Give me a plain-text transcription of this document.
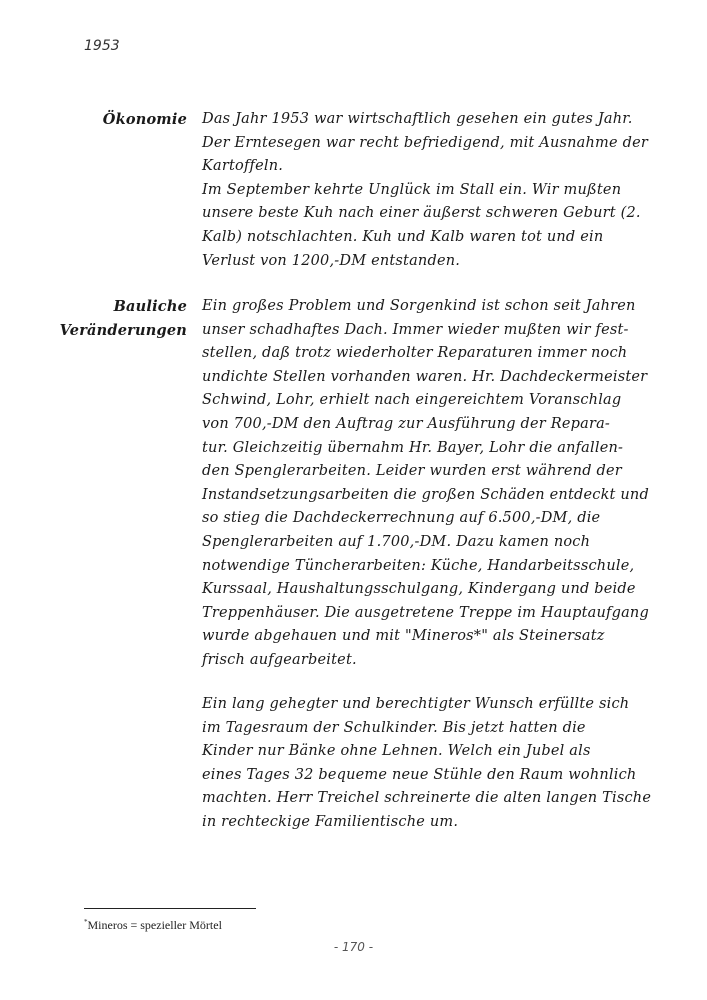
1953
Ökonomie Das Jahr 1953 war wirtschaftlich gesehen ein gutes Jahr.
Der Erntesegen war recht befriedigend, mit Ausnahme der
Kartoffeln.
Im September kehrte Unglück im Stall ein. Wir mußten
unsere beste Kuh nach einer äußerst schweren Geburt (2.
Kalb) notschlachten. Kuh und Kalb waren tot und ein
Verlust von 1200,-DM entstanden.
Bauliche
Veränderungen
Ein großes Problem und Sorgenkind ist schon seit Jahren
unser schadhaftes Dach. Immer wieder mußten wir fest-
stellen, daß trotz wiederholter Reparaturen immer noch
undichte Stellen vorhanden waren. Hr. Dachdeckermeister
Schwind, Lohr, erhielt nach eingereichtem Voranschlag
von 700,-DM den Auftrag zur Ausführung der Repara-
tur. Gleichzeitig übernahm Hr. Bayer, Lohr die anfallen-
den Spenglerarbeiten. Leider wurden erst während der
Instandsetzungsarbeiten die großen Schäden entdeckt und
so stieg die Dachdeckerrechnung auf 6.500,-DM, die
Spenglerarbeiten auf 1.700,-DM. Dazu kamen noch
notwendige Tüncherarbeiten: Küche, Handarbeitsschule,
Kurssaal, Haushaltungsschulgang, Kindergang und beide
Treppenhäuser. Die ausgetretene Treppe im Hauptaufgang
wurde abgehauen und mit "Mineros*" als Steinersatz
frisch aufgearbeitet.
Ein lang gehegter und berechtigter Wunsch erfüllte sich
im Tagesraum der Schulkinder. Bis jetzt hatten die
Kinder nur Bänke ohne Lehnen. Welch ein Jubel als
eines Tages 32 bequeme neue Stühle den Raum wohnlich
machten. Herr Treichel schreinerte die alten langen Tische
in rechteckige Familientische um.
*Mineros = spezieller Mörtel
- 170 -
